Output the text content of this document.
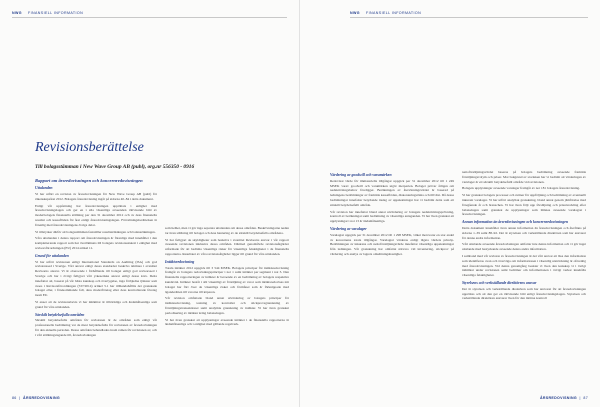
NWG FINANSIELL INFORMATION
Revisionsberättelse
Till bolagsstämman i New Wave Group AB (publ), org.nr 556350 - 0916
Rapport om årsredovisningen och koncernredovisningen
Uttalanden

Vi har utfört en revision av årsredovisningen för New Wave Group AB (publ) för räkenskapsåret 2012. Bolagets årsredovisning ingår på sidorna 40–84 i detta dokument.

Enligt vår uppfattning har årsredovisningen upprättats i enlighet med årsredovisningslagen och ger en i alla väsentliga avseenden rättvisande bild av moderbolagets finansiella ställning per den 31 december 2012 och av dess finansiella resultat och kassaflöden för året enligt årsredovisningslagen. Förvaltningsberättelsen är förenlig med årsredovisningens övriga delar.

Vi tillstyrker därför att bolagsstämman fastställer resultaträkningen och balansräkningen.

Våra uttalanden i denna rapport om årsredovisningen är förenliga med innehållet i den kompletterande rapport som har överlämnats till bolagets revisionsutskott i enlighet med revisorsförordningen (EU) 2014 artikel 11.

Grund för uttalanden

Vi har utfört revisionen enligt International Standards on Auditing (ISA) och god revisionssed i Sverige. Vårt ansvar enligt dessa standarder beskrivs närmare i avsnittet Revisorns ansvar. Vi är oberoende i förhållande till bolaget enligt god revisorssed i Sverige och har i övrigt fullgjort vårt yrkesetiska ansvar enligt dessa krav. Detta innefattar att, baserat på vår bästa kunskap och övertygelse, inga förbjudna tjänster som avses i Revisorsförordningen (537/2014) artikel 5.1 har tillhandahållits det granskade bolaget eller, i förekommande fall, dess moderföretag eller dess kontrollerade företag inom EU.

Vi anser att de revisionsbevis vi har inhämtat är tillräckliga och ändamålsenliga som grund för våra uttalanden.

Särskilt betydelsefulla områden

Särskilt betydelsefulla områden för revisionen är de områden som enligt vår professionella bedömning var de mest betydelsefulla för revisionen av årsredovisningen för den aktuella perioden. Dessa områden behandlades inom ramen för revisionen av, och i vårt ställningstagande till, årsredovisningen

som helhet, men vi gör inga separata uttalanden om dessa områden. Beskrivningarna nedan tar även ställning till bolaget och dess hantering av de särskilt betydelsefulla områdena.

Vi har fullgjort de skyldigheter som beskrivs i avsnittet Revisorns ansvar i vår rapport avseende revisionen inklusive dessa områden. Därmed genomförde revisionsåtgärder utformade för att bedöma väsentliga risker för väsentliga felaktigheter i de finansiella rapporterna. Resultatet av våra revisionsåtgärder ligger till grund för våra uttalanden.

Intäktsredovisning

Totala intäkter 2012 uppgick till 3 544 MSEK. Bolagets principer för intäktsredovisning framgår av bolagets redovisningsprinciper i not 1 samt intäkter per segment i not 3. Den finansiella rapporteringen av intäkter är beroende av en bedömning av bolagets respektive kundavtal. Intäkter består i allt väsentligt av försäljning av varor som intäktsredovisas när bolaget har fört över de väsentliga risker och förmåner som är förknippade med äganderätten till varorna till köparen.

Vår revision omfattade bland annat utvärdering av bolagets principer för intäktsredovisning, testning av kontroller och stickprovsgranskning av försäljningstransaktioner samt analytisk granskning av intäkter. Vi har även granskat periodisering av intäkter kring balansdagen.

Vi har även granskat att upplysningar avseende intäkter i de finansiella rapporterna är ändamålsenliga och i enlighet med gällande regelverk.

86  |  ÅRSREDOVISNING
NWG FINANSIELL INFORMATION
Värdering av goodwill och varumärken

Redovisat värde för immateriella tillgångar uppgick per 31 december 2012 till 1 249 MSEK varav goodwill och varumärken utgör merparten. Bolaget prövar årligen om nedskrivningsbehov föreligger. Beräkningen av återvinningsvärdet är baserad på ledningens bedömningar av framtida kassaflöden, diskonteringsränta och tillväxt. Då dessa bedömningar innefattar betydande inslag av uppskattningar har vi bedömt detta som ett särskilt betydelsefullt område.

Vår revision har innefattat bland annat utvärdering av bolagets nedskrivningsprövning, kontroll av beräkningar samt bedömning av väsentliga antaganden. Vi har även granskat att upplysningar i not 13 är ändamålsenliga.

Värdering av varulager

Varulagret uppgick per 31 december 2012 till 1 298 MSEK, vilket motsvarar en stor andel av koncernens totala tillgångar. Varulagret värderas enligt lägsta värdets princip. Bedömningen av inkurans och nettoförsäljningsvärde innefattar väsentliga uppskattningar från ledningen. Vår granskning har omfattat närvaro vid inventering, stickprov på värdering och analys av lagrets omsättningshastighet.

nettoförsäljningsvärdet baseras på bolagets bedömning avseende framtida försäljningsvolym och priser. Mot bakgrund av storleken har vi bedömt att värderingen av varulager är ett särskilt betydelsefullt område vid revisionen.

Bolagets upplysningar avseende varulager framgår av not 18 i bolagets årsredovisning.

Vi har granskat bolagets processer och rutiner för uppföljning och bedömning av eventuellt inkurant varulager. Vi har utfört analytisk granskning, bland annat genom jämförelse med föregående år och branschen. Vi har även följt upp försäljning och prisutveckling efter balansdagen samt granskat de upplysningar som lämnas avseende varulagret i årsredovisningen.

Annan information än årsredovisningen och koncernredovisningen

Detta dokument innehåller även annan information än årsredovisningen och återfinns på sidorna 1–39 samt 88–92. Det är styrelsen och verkställande direktören som har ansvaret för denna andra information.

Vårt uttalande avseende årsredovisningen omfattar inte denna information och vi gör inget uttalande med bestyrkande avseende denna andra information.

I samband med vår revision av årsredovisningen är det vårt ansvar att läsa den information som identifieras ovan och överväga om informationen i väsentlig utsträckning är oförenlig med årsredovisningen. Vid denna genomgång beaktar vi även den kunskap vi i övrigt inhämtat under revisionen samt bedömer om informationen i övrigt verkar innehålla väsentliga felaktigheter.

Styrelsens och verkställande direktörens ansvar

Det är styrelsen och verkställande direktören som har ansvaret för att årsredovisningen upprättas och att den ger en rättvisande bild enligt årsredovisningslagen. Styrelsen och verkställande direktören ansvarar även för den intärna kontroll

ÅRSREDOVISNING  |  87
